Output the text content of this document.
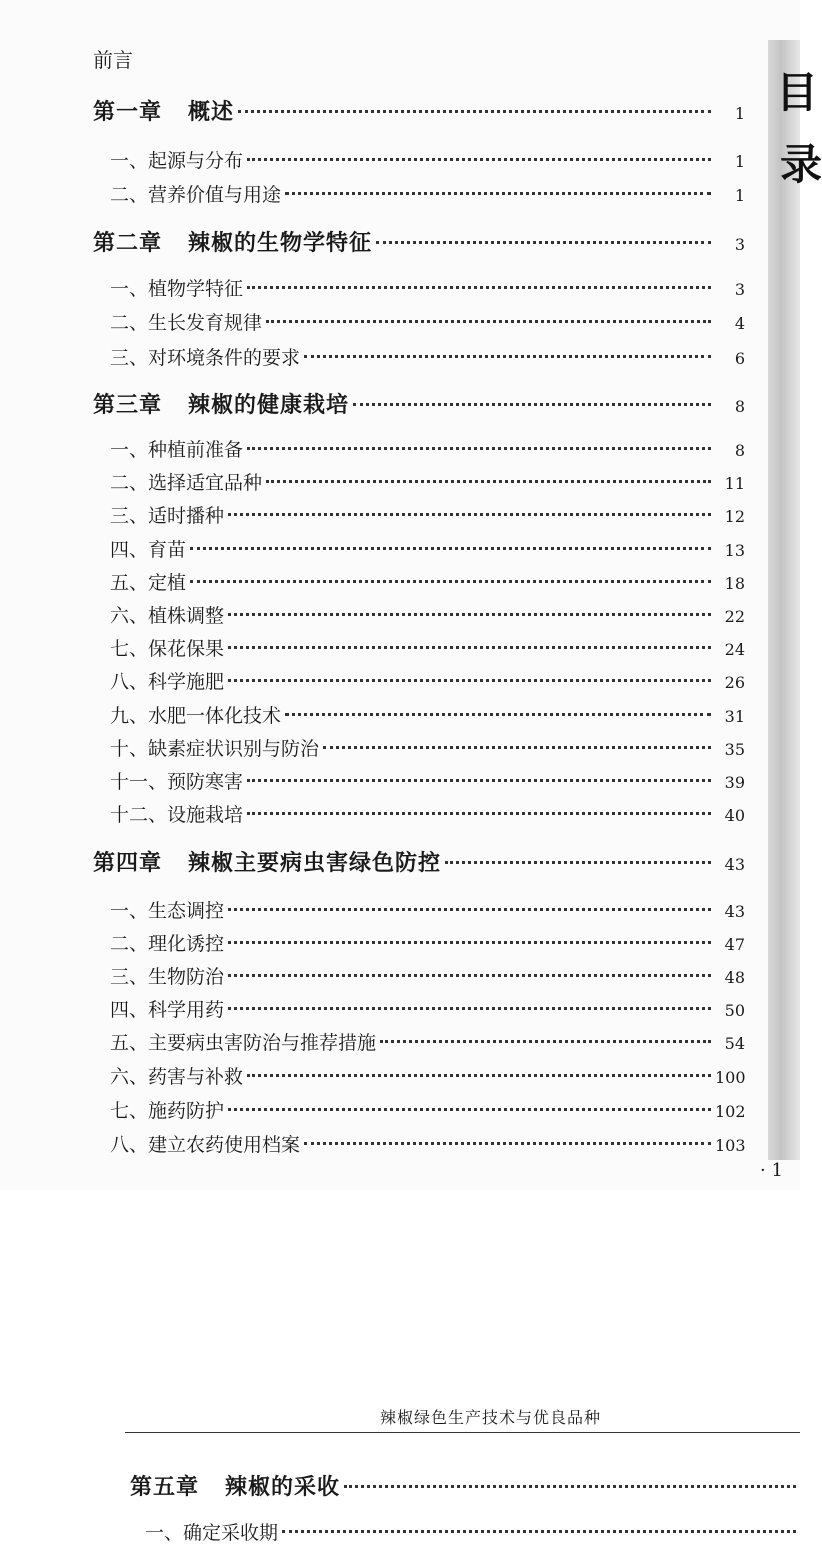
目
录
前言
第一章 概述	1
一、起源与分布	1
二、营养价值与用途	1
第二章 辣椒的生物学特征	3
一、植物学特征	3
二、生长发育规律	4
三、对环境条件的要求	6
第三章 辣椒的健康栽培	8
一、种植前准备	8
二、选择适宜品种	11
三、适时播种	12
四、育苗	13
五、定植	18
六、植株调整	22
七、保花保果	24
八、科学施肥	26
九、水肥一体化技术	31
十、缺素症状识别与防治	35
十一、预防寒害	39
十二、设施栽培	40
第四章 辣椒主要病虫害绿色防控	43
一、生态调控	43
二、理化诱控	47
三、生物防治	48
四、科学用药	50
五、主要病虫害防治与推荐措施	54
六、药害与补救	100
七、施药防护	102
八、建立农药使用档案	103
· 1
辣椒绿色生产技术与优良品种
第五章 辣椒的采收
一、确定采收期
